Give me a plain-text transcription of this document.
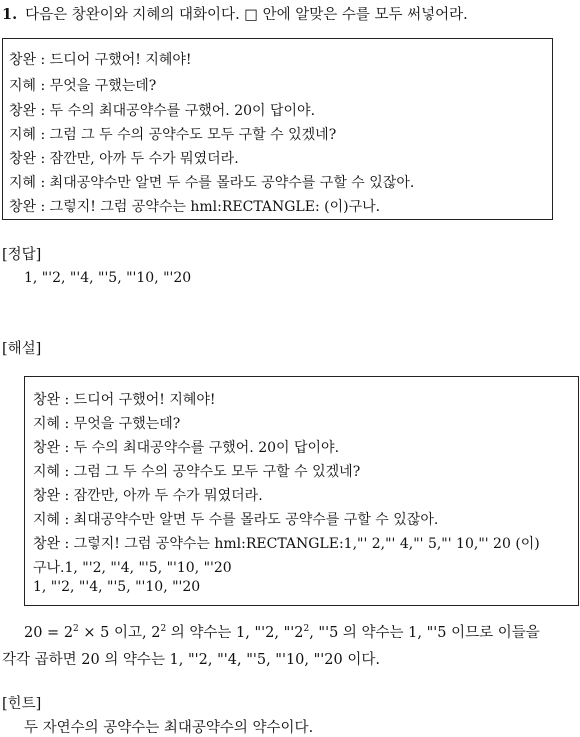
1. 다음은 창완이와 지혜의 대화이다. □ 안에 알맞은 수를 모두 써넣어라.
창완 : 드디어 구했어! 지혜야!
지혜 : 무엇을 구했는데?
창완 : 두 수의 최대공약수를 구했어. 20이 답이야.
지혜 : 그럼 그 두 수의 공약수도 모두 구할 수 있겠네?
창완 : 잠깐만, 아까 두 수가 뭐였더라.
지혜 : 최대공약수만 알면 두 수를 몰라도 공약수를 구할 수 있잖아.
창완 : 그렇지! 그럼 공약수는 hml:RECTANGLE: (이)구나.
[정답]
1, "'2, "'4, "'5, "'10, "'20
[해설]
창완 : 드디어 구했어! 지혜야!
지혜 : 무엇을 구했는데?
창완 : 두 수의 최대공약수를 구했어. 20이 답이야.
지혜 : 그럼 그 두 수의 공약수도 모두 구할 수 있겠네?
창완 : 잠깐만, 아까 두 수가 뭐였더라.
지혜 : 최대공약수만 알면 두 수를 몰라도 공약수를 구할 수 있잖아.
창완 : 그렇지! 그럼 공약수는 hml:RECTANGLE:1,"' 2,"' 4,"' 5,"' 10,"' 20 (이)
구나.1, "'2, "'4, "'5, "'10, "'20
1, "'2, "'4, "'5, "'10, "'20
$20 = 2^2 \times 5$ 이고, $2^2$ 의 약수는 1, "'2, "'$2^2$, "'5 의 약수는 1, "'5 이므로 이들을
각각 곱하면 20 의 약수는 1, "'2, "'4, "'5, "'10, "'20 이다.
[힌트]
두 자연수의 공약수는 최대공약수의 약수이다.
